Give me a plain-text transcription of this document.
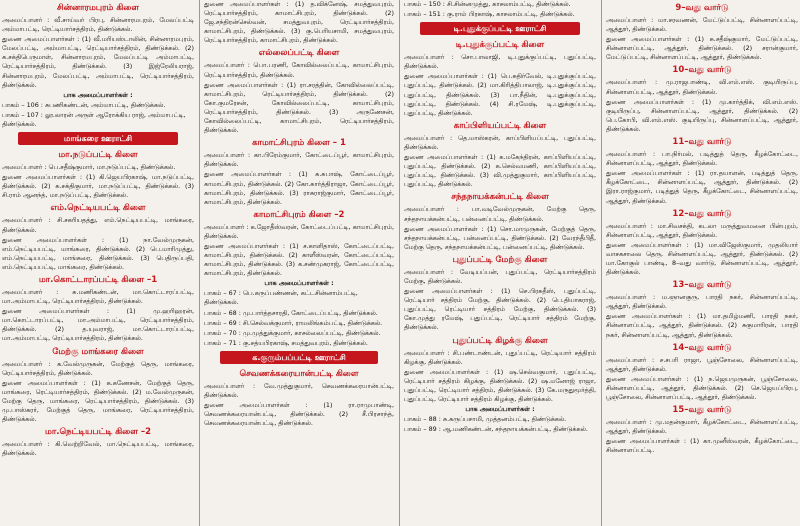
சின்னாரமபுரம் கிளை
அமைப்பாளர் : வீ.சாய்வர் பிரபு, சின்னாரமபுரம், மேலப்பட்டி அம்மாபட்டி, ரெட்டியார்சத்திரம், திண்டுக்கல்.
துணை அமைப்பாளர்கள் : (1) வீ.மரியஸ்டாலின், சின்னாரமபுரம், மேலப்பட்டி, அம்மாபட்டி, ரெட்டியார்சத்திரம், திண்டுக்கல். (2) சு.சக்திபெருமாள், சின்னாரமபுரம், மேலப்பட்டி அம்மாபட்டி, ரெட்டியார்சத்திரம், திண்டுக்கல். (3) இஜ்ரேலியராஜ், சின்னாரமபுரம், மேலப்பட்டி, அம்மாபட்டி, ரெட்டியார்சத்திரம், திண்டுக்கல்.
பாக அமைப்பாளர்கள் :
பாகம் – 106 : சுபணிகண்டன், அம்மாபட்டி, திண்டுக்கல்.
பாகம் – 107 : லூ.லாரன் அருள் ஆரோக்கிய ராஜ், அம்மாபட்டி, திண்டுக்கல்.
மாங்கரை ஊராட்சி
மா.நடுப்பட்டி கிளை
அமைப்பாளர் : பெ.சதீஷ்குமார், மா.நடுப்பட்டி, திண்டுக்கல்.
துணை அமைப்பாளர்கள் : (1) கி.ஜெயபிரகாஷ், மா.நடுப்பட்டி, திண்டுக்கல். (2) க.சக்திகுமார், மா.நடுப்பட்டி, திண்டுக்கல். (3) சி.ராம் ஆனந்த், மா.நடுப்பட்டி, திண்டுக்கல்.
எம்.நெட்டியபட்டி கிளை
அமைப்பாளர் : சி.சகரியதத்து, எம்.நெட்டியபட்டி, மாங்கரை, திண்டுக்கல்.
துணை அமைப்பாளர்கள் : (1) நா.வேல்முருகன், எம்.நெட்டியபட்டி, மாங்கரை, திண்டுக்கல். (2) பெ.மாரிமுத்து, எம்.நெட்டியபட்டி, மாங்கரை, திண்டுக்கல். (3) பெதிருப்பதி, எம்.நெட்டியபட்டி, மாங்கரை, திண்டுக்கல்.
மா.கொட்டாரப்பட்டி கிளை –1
அமைப்பாளர் : சு.மணிகண்டன், மா.கொட்டாரப்பட்டி, மா.அம்மாபட்டி, ரெட்டியார்சத்திரம், திண்டுக்கல்.
துணை அமைப்பாளர்கள் : (1) மு.ஹரிஹரன், மா.கொட்டாரப்பட்டி, மா.அம்மாபட்டி, ரெட்டியார்சத்திரம், திண்டுக்கல். (2) த.யுவராஜ், மா.கொட்டாரப்பட்டி, மா.அம்மாபட்டி, ரெட்டியார்சத்திரம், திண்டுக்கல்.
மேற்கு மாங்கரை கிளை
அமைப்பாளர் : க.வேல்முருகன், மேற்குத் தெரு, மாங்கரை, ரெட்டியார்சத்திரம், திண்டுக்கல்.
துணை அமைப்பாளர்கள் : (1) க.கணேசன், மேற்குத் தெரு, மாங்கரை, ரெட்டியார்சத்திரம், திண்டுக்கல். (2) ம.வேல்முருகன், மேற்கு தெரு, மாங்கரை, ரெட்டியார்சத்திரம், திண்டுக்கல். (3) மு.பாஸ்கரர், மேற்குத் தெரு, மாங்கரை, ரெட்டியார்சத்திரம், திண்டுக்கல்.
மா.நெட்டியபட்டி கிளை –2
அமைப்பாளர் : கி.வெற்றிவேல், மா.நெட்டியபட்டி, மாங்கரை, திண்டுக்கல்.
துணை அமைப்பாளர்கள் : (1) த.விக்னேஷ், சமத்துவபுரம், ரெட்டியார்சத்திரம், காமாட்சிபுரம், திண்டுக்கல். (2) ஜே.சந்திரன்செல்வன், சமத்துவபுரம், ரெட்டியார்சத்திரம், காமாட்சிபுரம், திண்டுக்கல். (3) கு.பெரியசாமி, சமத்துவபுரம், ரெட்டியார்சத்திரம், காமாட்சிபுரம், திண்டுக்கல்.
எல்லைப்பட்டி கிளை
அமைப்பாளர் : பொ.பரணி, கோவில்லைப்பட்டி, காமாட்சிபுரம், ரெட்டியார்சத்திரம், திண்டுக்கல்.
துணை அமைப்பாளர்கள் : (1) ரா.சரத்தின், கோவில்லைப்பட்டி, காமாட்சிபுரம், ரெட்டியார்சத்திரம், திண்டுக்கல். (2) கோ.குமரேசன், கோவில்லைப்பட்டி, காமாட்சிபுரம், ரெட்டியார்சத்திரம், திண்டுக்கல். (3) அருணேசன், கோவில்லைப்பட்டி, காமாட்சிபுரம், ரெட்டியார்சத்திரம், திண்டுக்கல்.
காமாட்சிபுரம் கிளை – 1
அமைப்பாளர் : கா.பிரேம்குமார், கோட்டைப்பூர், காமாட்சிபுரம், திண்டுக்கல்.
துணை அமைப்பாளர்கள் : (1) க.சுபாஷ், கோட்டைப்பூர், காமாட்சிபுரம், திண்டுக்கல். (2) கோ.கார்த்திராஜா, கோட்டைப்பூர், காமாட்சிபுரம், திண்டுக்கல். (3) ராசுராஜ்குமார், கோட்டைப்பூர், காமாட்சிபுரம், திண்டுக்கல்.
காமாட்சிபுரம் கிளை –2
அமைப்பாளர் : க.ஜோதீஸ்வரன், கோட்டைப்பட்டி, காமாட்சிபுரம், திண்டுக்கல்.
துணை அமைப்பாளர்கள் : (1) ச.காளிதாஸ், கோட்டைப்பட்டி, காமாட்சிபுரம், திண்டுக்கல். (2) காளீஸ்வரன், கோட்டைப்பட்டி, காமாட்சிபுரம், திண்டுக்கல். (3) க.சண்முகராஜ், கோட்டைப்பட்டி, காமாட்சிபுரம், திண்டுக்கல்.
பாக அமைப்பாளர்கள் :
பாகம் – 67 : பெ.கருப்பண்ணன், கட்டசின்னாம்பட்டி, திண்டுக்கல்.
பாகம் – 68 : மு.பார்த்தசாரதி, கோட்டைப்பட்டி, திண்டுக்கல்.
பாகம் – 69 : சி.செல்வக்குமார், ராமலிங்கம்பட்டி, திண்டுக்கல்.
பாகம் – 70 : மு.முத்துக்குமார், காசல்லைப்பட்டி, திண்டுக்கல்.
பாகம் – 71 : கு.சத்யபிரகாஷ், சமத்துவபுரம், திண்டுக்கல்.
க.குரும்பப்பட்டி ஊராட்சி
செவணக்கரையான்பட்டி கிளை
அமைப்பாளர் : வே.முத்துகுமார், செவணக்கரையான்பட்டி, திண்டுக்கல்.
துணை அமைப்பாளர்கள் : (1) ரா.ராமுபாண்டி, செவணக்கரையான்பட்டி, திண்டுக்கல். (2) சீ.பிரசாந்த், செவணக்கரையான்பட்டி, திண்டுக்கல்.
பாகம் – 150 : சி.சின்னமுத்து, காசலாம்பட்டி, திண்டுக்கல்.
பாகம் – 151 : கு.ராம் பிரகாஷ், காசலாம்பட்டி, திண்டுக்கல்.
டி.புதுக்குப்பட்டி ஊராட்சி
டி.புதுக்குப்பட்டி கிளை
அமைப்பாளர் : சொ.பாலாஜி, டி.புதுக்குப்பட்டி, புதுப்பட்டி, திண்டுக்கல்.
துணை அமைப்பாளர்கள் : (1) பெ.சுதிர்வேல், டி.புதுக்குப்பட்டி, புதுப்பட்டி, திண்டுக்கல். (2) மா.கிரித்திபாலாஜ், டி.புதுக்குப்பட்டி, புதுப்பட்டி, திண்டுக்கல். (3) பா.நீதின், டி.புதுக்குப்பட்டி, புதுப்பட்டி, திண்டுக்கல். (4) சி.ரமேஷ், டி.புதுக்குப்பட்டி, புதுப்பட்டி, திண்டுக்கல்.
காப்பிளியப்பட்டி கிளை
அமைப்பாளர் : தெ.மாஸ்கரன், காப்பிளியப்பட்டி, புதுப்பட்டி, திண்டுக்கல்.
துணை அமைப்பாளர்கள் : (1) க.மகேந்திரன், காப்பிளியப்பட்டி, புதுப்பட்டி, திண்டுக்கல். (2) க.செல்வமணி, காப்பிளியப்பட்டி, புதுப்பட்டி, திண்டுக்கல். (3) வி.முத்துகுமார், காப்பிளியப்பட்டி, புதுப்பட்டி, திண்டுக்கல்.
சந்தநாயக்கன்பட்டி கிளை
அமைப்பாளர் : பா.வடிவேல்முருகன், மேற்கு தெரு, சந்தநாயக்கன்பட்டி, பன்னைப்பட்டி, திண்டுக்கல்.
துணை அமைப்பாளர்கள் : (1) சொ.மாமுருகன், மேற்குத் தெரு, சந்தநாயக்கன்பட்டி, பன்னைப்பட்டி, திண்டுக்கல். (2) வேரந்தீபிதீ, மேற்கு தெரு, சந்தநாயக்கன்பட்டி, பன்னைப்பட்டி, திண்டுக்கல்.
புதுப்பட்டி மேற்கு கிளை
அமைப்பாளர் : வேடியப்பன், புதுப்பட்டி, ரெட்டியார்சத்திரம் மேற்கு, திண்டுக்கல்.
துணை அமைப்பாளர்கள் : (1) செ.பிரகதீஸ், புதுப்பட்டி, ரெட்டியார் சத்திரம் மேற்கு, திண்டுக்கல். (2) பெ.தியாகராஜ், புதுப்பட்டி, ரெட்டியார் சத்திரம் மேற்கு, திண்டுக்கல். (3) கோ.முத்து ரமேஷ், புதுப்பட்டி, ரெட்டியார் சத்திரம் மேற்கு, திண்டுக்கல்.
புதுப்பட்டி கிழக்கு கிளை
அமைப்பாளர் : சி.பண்டாண்டன், புதுப்பட்டி, ரெட்டியார் சத்திரம் கிழக்கு, திண்டுக்கல்.
துணை அமைப்பாளர்கள் : (1) ஷ.செல்வகுமார், புதுப்பட்டி, ரெட்டியார் சத்திரம் கிழக்கு, திண்டுக்கல். (2) ஷ.மனோஜ் ராஜா, புதுப்பட்டி, ரெட்டியார் சத்திரம், திண்டுக்கல். (3) கே.மருதுமூர்த்தி, புதுப்பட்டி, ரெட்டியார் சத்திரம் கிழக்கு, திண்டுக்கல்.
பாக அமைப்பாளர்கள் :
பாகம் – 88 : சு.கருப்பசாமி, முத்தனம்பட்டி, திண்டுக்கல்.
பாகம் – 89 : ஆ.மணிகண்டன், சந்தநாயக்கன்பட்டி, திண்டுக்கல்.
9–வது வார்டு
அமைப்பாளர் : மா.சரவணன், மேட்டுப்பட்டி, சின்னாளப்பட்டி, ஆத்தூர், திண்டுக்கல்.
துணை அமைப்பாளர்கள் : (1) சு.சதீஷ்குமார், மேட்டுப்பட்டி, சின்னாளப்பட்டி, ஆத்தூர், திண்டுக்கல். (2) சரான்குமார், மேட்டுப்பட்டி, சின்னாளப்பட்டி, ஆத்தூர், திண்டுக்கல்.
10–வது வார்டு
அமைப்பாளர் : மு.ராஜபாண்டி, வி.எம்.எஸ். குடியிருப்பு, சின்னாளப்பட்டி, ஆத்தூர், திண்டுக்கல்.
துணை அமைப்பாளர்கள் : (1) மு.கார்த்திக், வி.எம்.எஸ். குடியிருப்பு, சின்னாளப்பட்டி, ஆத்தூர், திண்டுக்கல். (2) பெ.கோபி, வி.எம்.எஸ். குடியிருப்பு, சின்னாளப்பட்டி, ஆத்தூர், திண்டுக்கல்.
11–வது வார்டு
அமைப்பாளர் : பா.நிர்மல், படித்துத் தெரு, கீழக்கோட்டை, சின்னாளப்பட்டி, ஆத்தூர், திண்டுக்கல்.
துணை அமைப்பாளர்கள் : (1) ரா.தயாளன், படித்துத் தெரு, கீழக்கோட்டை, சின்னாளப்பட்டி, ஆத்தூர், திண்டுக்கல். (2) இரா.ராஜ்குமார், படித்துத் தெரு, கீழக்கோட்டை, சின்னாளப்பட்டி, ஆத்தூர், திண்டுக்கல்.
12–வது வார்டு
அமைப்பாளர் : மா.சிவசக்தி, கடலா மருத்துவமனை பின்புறம், சின்னாளப்பட்டி, ஆத்தூர், திண்டுக்கல்.
துணை அமைப்பாளர்கள் : (1) மா.விஜேஸ்குமார், முதலியார் வாசகசாலை தெரு, சின்னாளப்பட்டி, ஆத்தூர், திண்டுக்கல். (2) மா.கோகுல் பாண்டி, 8–வது வார்டு, சின்னாளப்பட்டி, ஆத்தூர், திண்டுக்கல்.
13–வது வார்டு
அமைப்பாளர் : ம.ஞானகுரு, பாரதி நகர், சின்னாளப்பட்டி, ஆத்தூர், திண்டுக்கல்.
துணை அமைப்பாளர்கள் : (1) மா.தமிழ்மணி, பாரதி நகர், சின்னாளப்பட்டி, ஆத்தூர், திண்டுக்கல். (2) சுகுமாரிரன், பாரதி நகர், சின்னாளப்பட்டி, ஆத்தூர், திண்டுக்கல்.
14–வது வார்டு
அமைப்பாளர் : ச.சபரி ராஜா, பூஞ்சோலை, சின்னாளப்பட்டி, ஆத்தூர், திண்டுக்கல்.
துணை அமைப்பாளர்கள் : (1) ந.ஜெயமுருகன், பூஞ்சோலை, சின்னாளப்பட்டி, ஆத்தூர், திண்டுக்கல். (2) செ.ஜெயப்பிரபு, பூஞ்சோலை, சின்னாளப்பட்டி, ஆத்தூர், திண்டுக்கல்.
15–வது வார்டு
அமைப்பாளர் : மு.மதன்குமார், கீழக்கோட்டை, சின்னாளப்பட்டி, ஆத்தூர், திண்டுக்கல்.
துணை அமைப்பாளர்கள் : (1) கா.முனீஸ்வரன், கீழக்கோட்டை, சின்னாளப்பட்டி.
